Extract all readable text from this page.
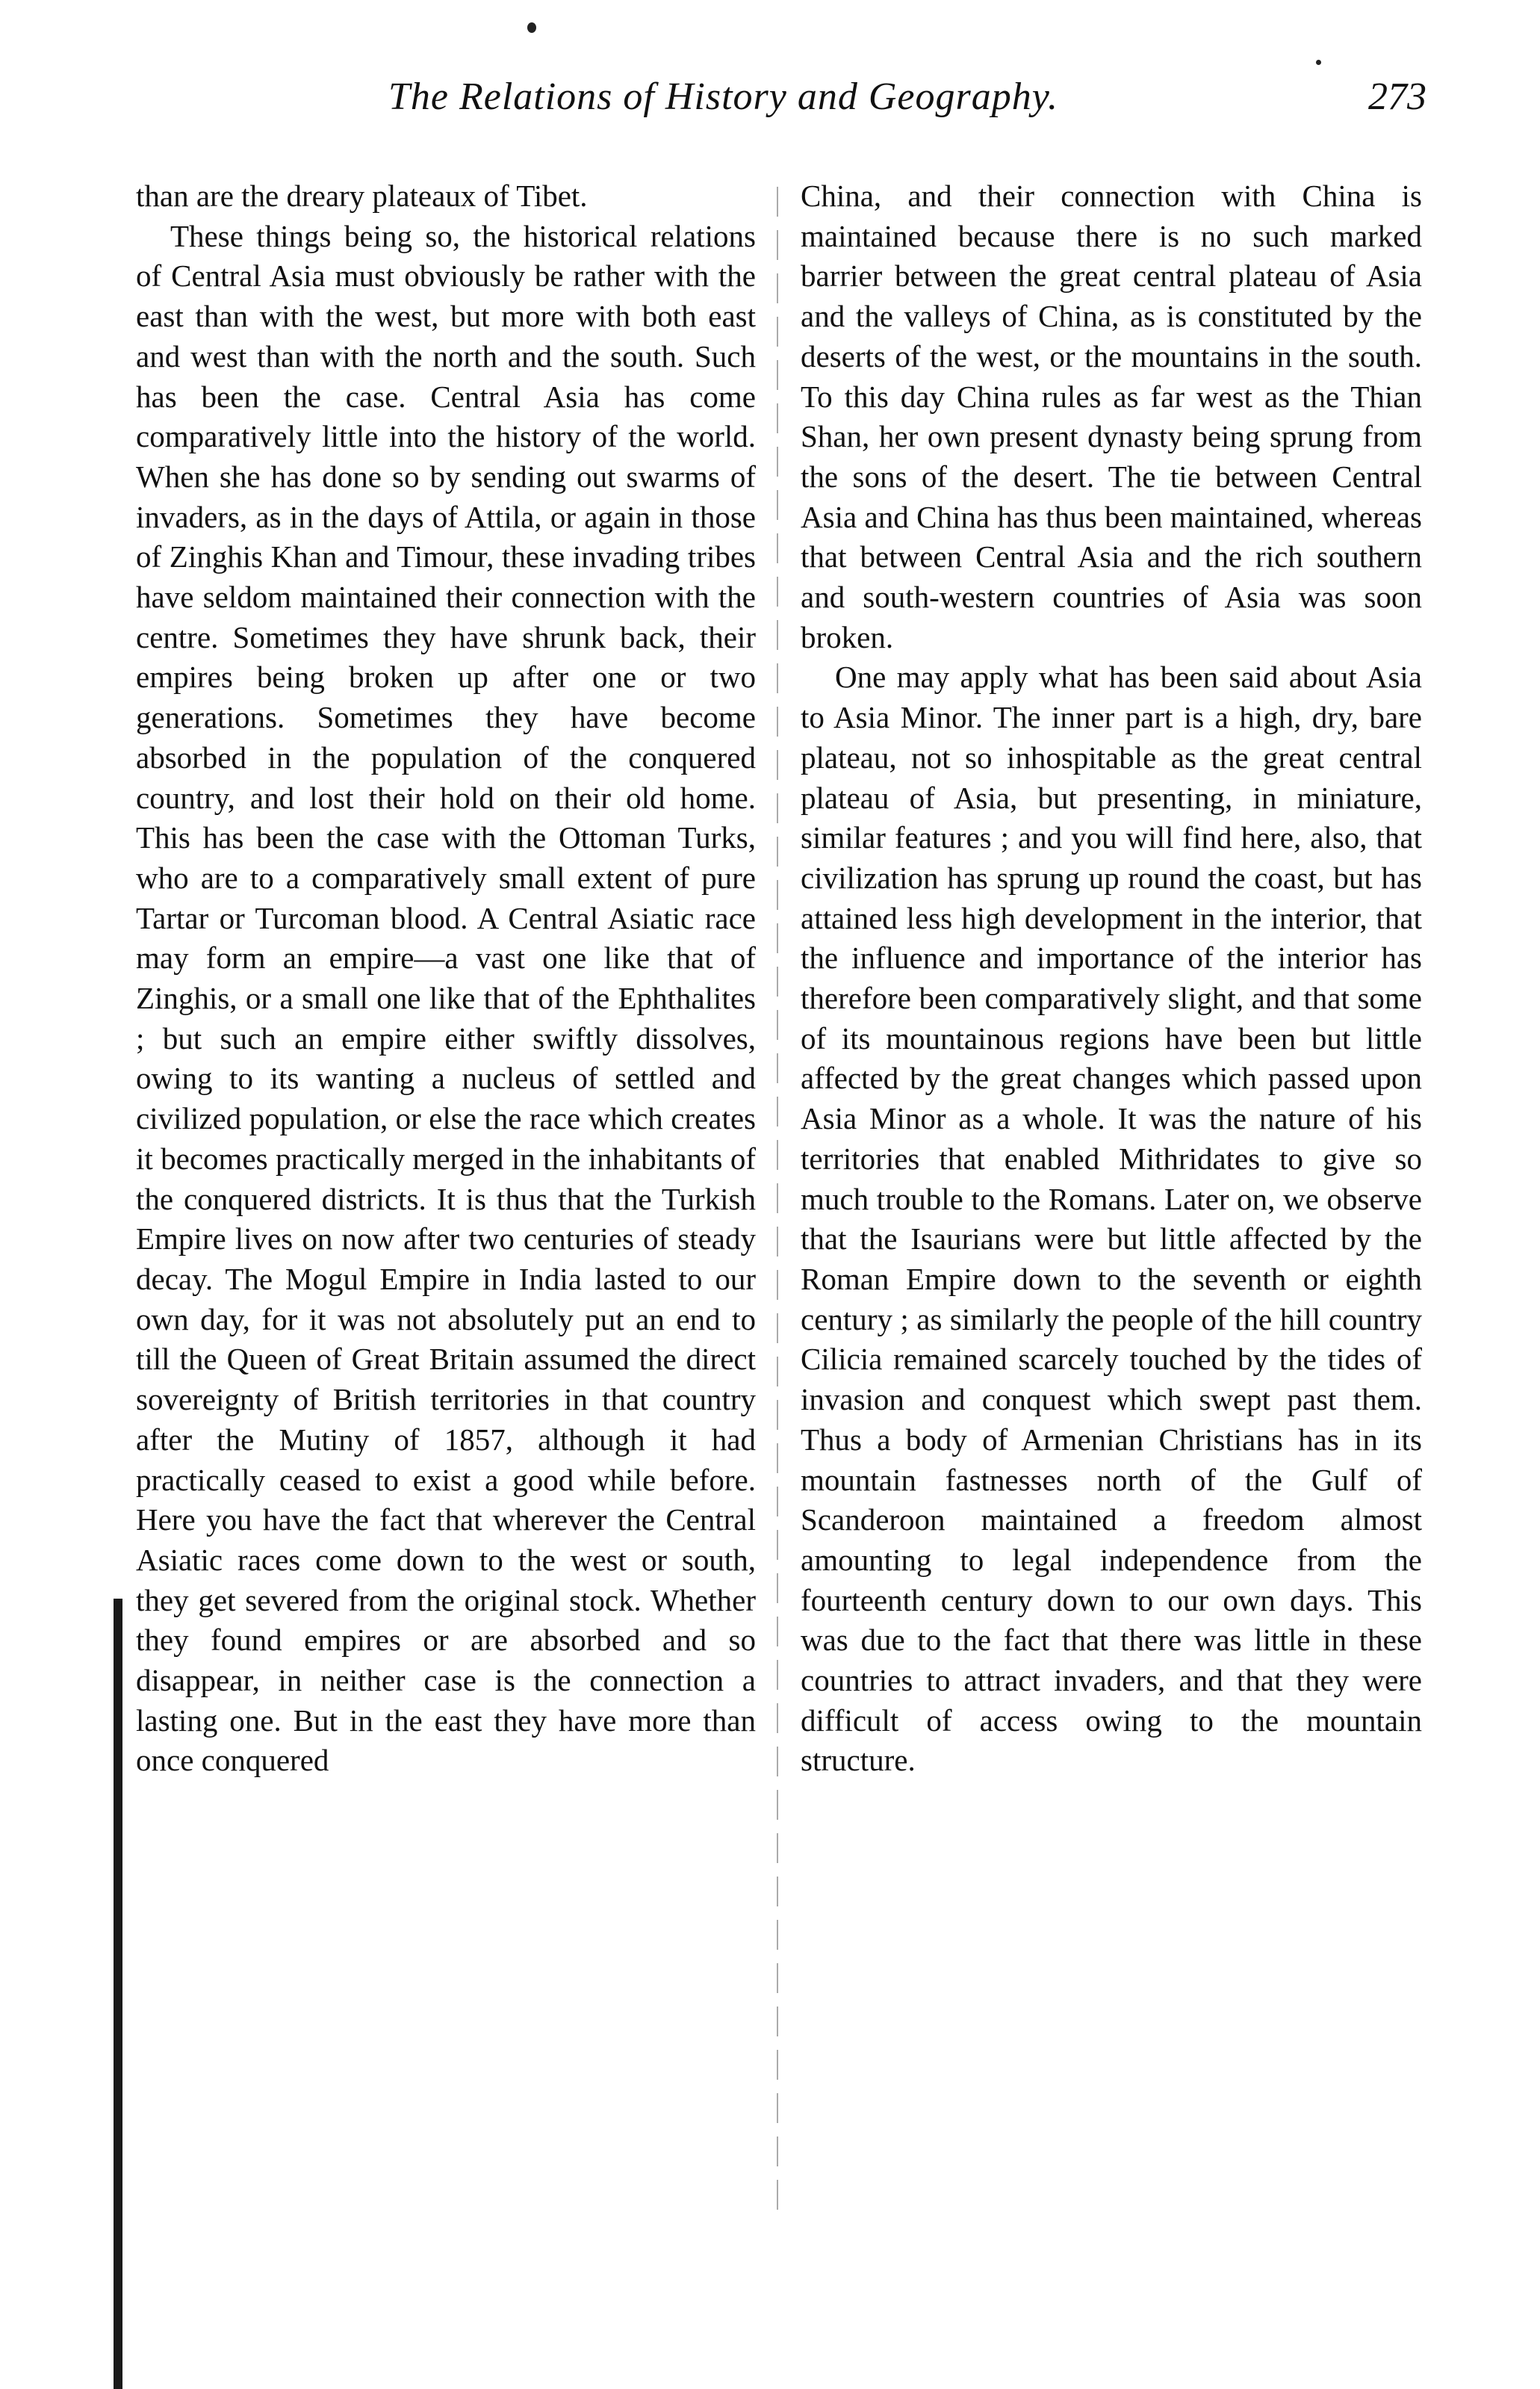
The Relations of History and Geography.	273

than are the dreary plateaux of Tibet.

These things being so, the historical relations of Central Asia must obviously be rather with the east than with the west, but more with both east and west than with the north and the south. Such has been the case. Central Asia has come comparatively little into the history of the world. When she has done so by sending out swarms of invaders, as in the days of Attila, or again in those of Zinghis Khan and Timour, these invading tribes have seldom maintained their connection with the centre. Sometimes they have shrunk back, their empires being broken up after one or two generations. Sometimes they have become absorbed in the population of the conquered country, and lost their hold on their old home. This has been the case with the Ottoman Turks, who are to a comparatively small extent of pure Tartar or Turcoman blood. A Central Asiatic race may form an empire—a vast one like that of Zinghis, or a small one like that of the Ephthalites ; but such an empire either swiftly dissolves, owing to its wanting a nucleus of settled and civilized population, or else the race which creates it becomes practically merged in the inhabitants of the conquered districts. It is thus that the Turkish Empire lives on now after two centuries of steady decay. The Mogul Empire in India lasted to our own day, for it was not absolutely put an end to till the Queen of Great Britain assumed the direct sovereignty of British territories in that country after the Mutiny of 1857, although it had practically ceased to exist a good while before. Here you have the fact that wherever the Central Asiatic races come down to the west or south, they get severed from the original stock. Whether they found empires or are absorbed and so disappear, in neither case is the connection a lasting one. But in the east they have more than once conquered

China, and their connection with China is maintained because there is no such marked barrier between the great central plateau of Asia and the valleys of China, as is constituted by the deserts of the west, or the mountains in the south. To this day China rules as far west as the Thian Shan, her own present dynasty being sprung from the sons of the desert. The tie between Central Asia and China has thus been maintained, whereas that between Central Asia and the rich southern and south-western countries of Asia was soon broken.

One may apply what has been said about Asia to Asia Minor. The inner part is a high, dry, bare plateau, not so inhospitable as the great central plateau of Asia, but presenting, in miniature, similar features ; and you will find here, also, that civilization has sprung up round the coast, but has attained less high development in the interior, that the influence and importance of the interior has therefore been comparatively slight, and that some of its mountainous regions have been but little affected by the great changes which passed upon Asia Minor as a whole. It was the nature of his territories that enabled Mithridates to give so much trouble to the Romans. Later on, we observe that the Isaurians were but little affected by the Roman Empire down to the seventh or eighth century ; as similarly the people of the hill country Cilicia remained scarcely touched by the tides of invasion and conquest which swept past them. Thus a body of Armenian Christians has in its mountain fastnesses north of the Gulf of Scanderoon maintained a freedom almost amounting to legal independence from the fourteenth century down to our own days. This was due to the fact that there was little in these countries to attract invaders, and that they were difficult of access owing to the mountain structure.
